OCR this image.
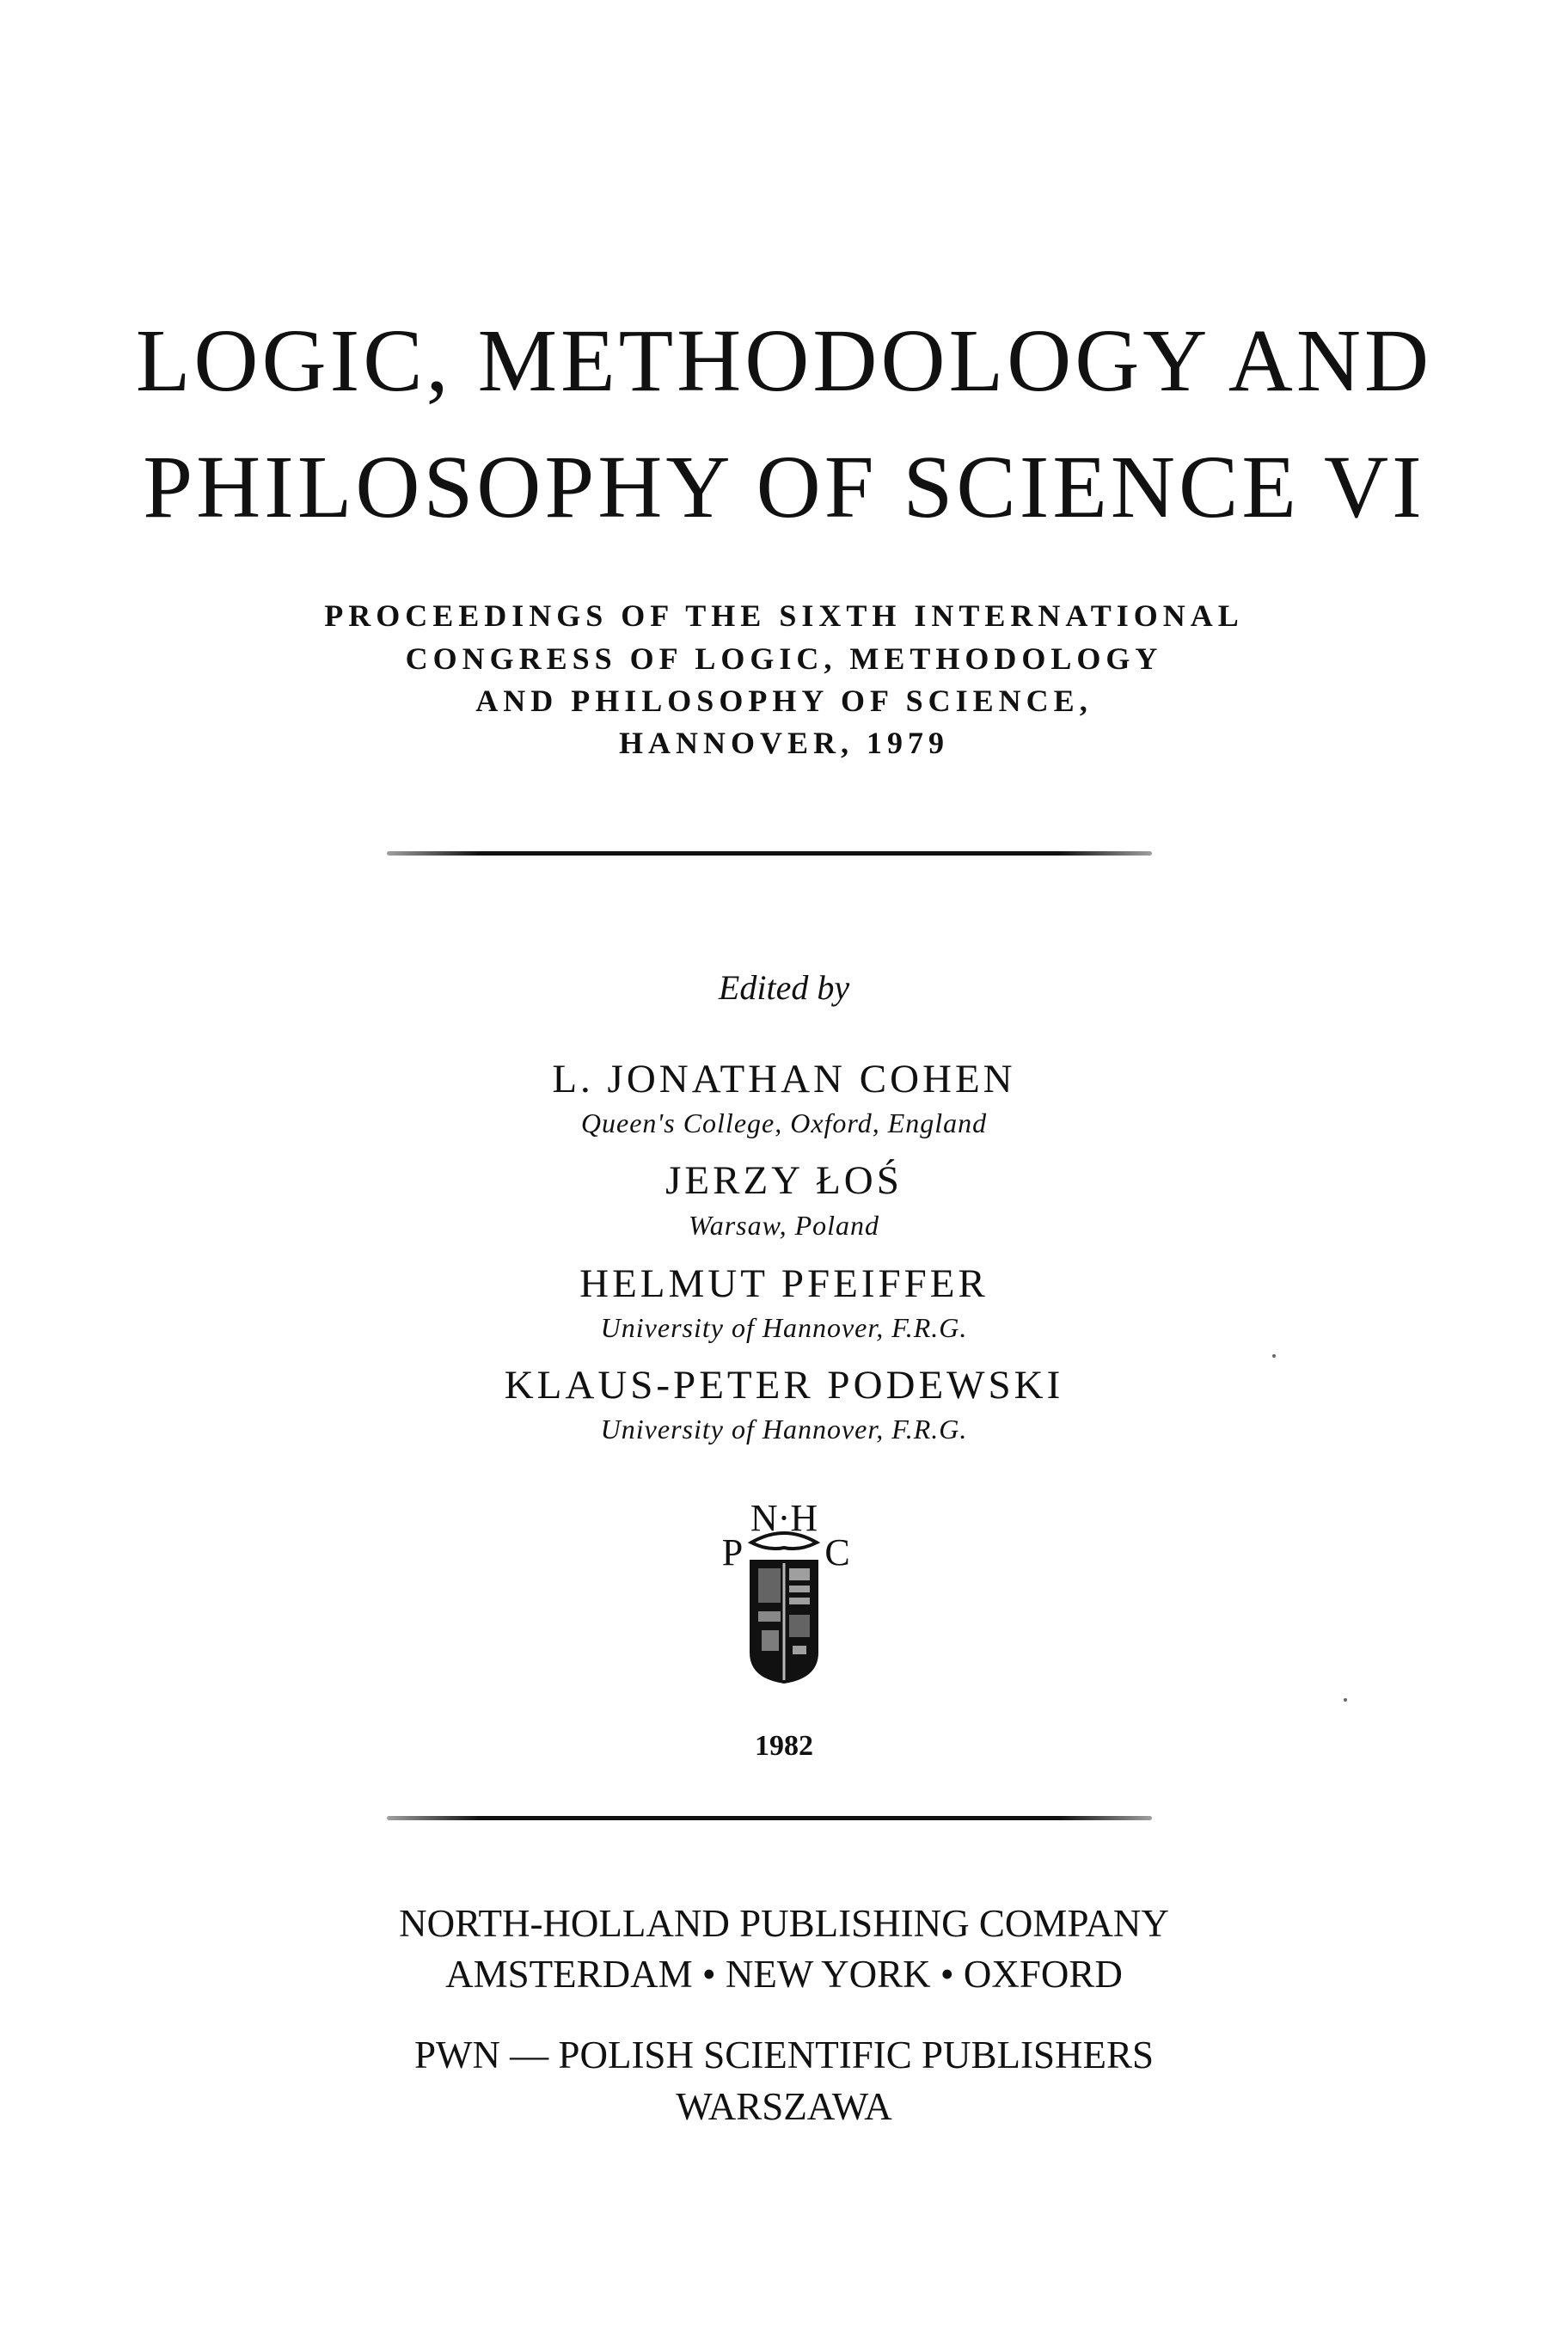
LOGIC, METHODOLOGY AND
PHILOSOPHY OF SCIENCE VI
PROCEEDINGS OF THE SIXTH INTERNATIONAL
CONGRESS OF LOGIC, METHODOLOGY
AND PHILOSOPHY OF SCIENCE,
HANNOVER, 1979
Edited by
L. JONATHAN COHEN
Queen's College, Oxford, England
JERZY ŁOŚ
Warsaw, Poland
HELMUT PFEIFFER
University of Hannover, F.R.G.
KLAUS-PETER PODEWSKI
University of Hannover, F.R.G.
N·H
P C
1982
NORTH-HOLLAND PUBLISHING COMPANY
AMSTERDAM • NEW YORK • OXFORD
PWN — POLISH SCIENTIFIC PUBLISHERS
WARSZAWA
